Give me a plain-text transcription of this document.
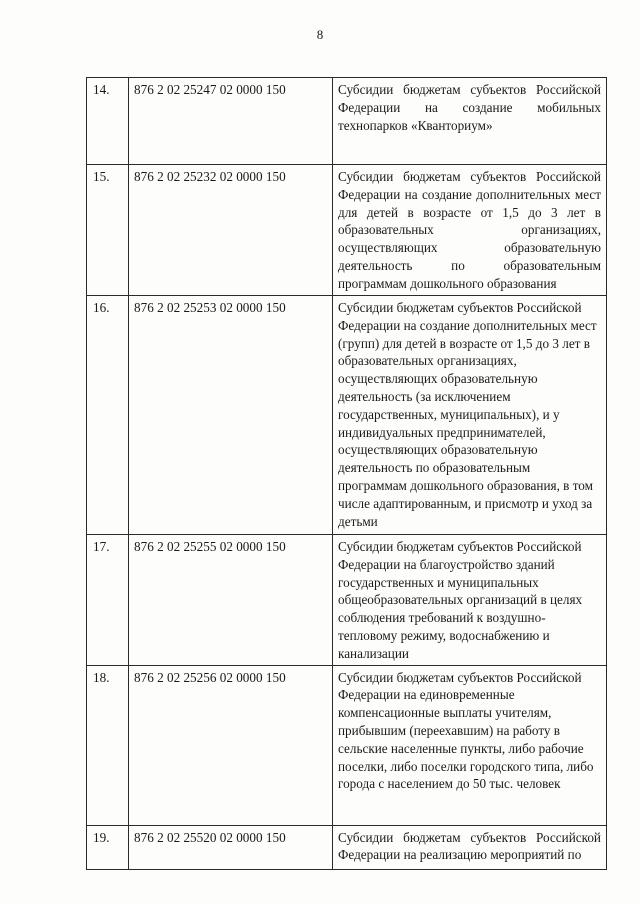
8
14.	876 2 02 25247 02 0000 150	Субсидии бюджетам субъектов Российской Федерации на создание мобильных технопарков «Кванториум»
15.	876 2 02 25232 02 0000 150	Субсидии бюджетам субъектов Российской Федерации на создание дополнительных мест для детей в возрасте от 1,5 до 3 лет в образовательных организациях, осуществляющих образовательную деятельность по образовательным программам дошкольного образования
16.	876 2 02 25253 02 0000 150	Субсидии бюджетам субъектов Российской Федерации на создание дополнительных мест (групп) для детей в возрасте от 1,5 до 3 лет в образовательных организациях, осуществляющих образовательную деятельность (за исключением государственных, муниципальных), и у индивидуальных предпринимателей, осуществляющих образовательную деятельность по образовательным программам дошкольного образования, в том числе адаптированным, и присмотр и уход за детьми
17.	876 2 02 25255 02 0000 150	Субсидии бюджетам субъектов Российской Федерации на благоустройство зданий государственных и муниципальных общеобразовательных организаций в целях соблюдения требований к воздушно-тепловому режиму, водоснабжению и канализации
18.	876 2 02 25256 02 0000 150	Субсидии бюджетам субъектов Российской Федерации на единовременные компенсационные выплаты учителям, прибывшим (переехавшим) на работу в сельские населенные пункты, либо рабочие поселки, либо поселки городского типа, либо города с населением до 50 тыс. человек
19.	876 2 02 25520 02 0000 150	Субсидии бюджетам субъектов Российской Федерации на реализацию мероприятий по
